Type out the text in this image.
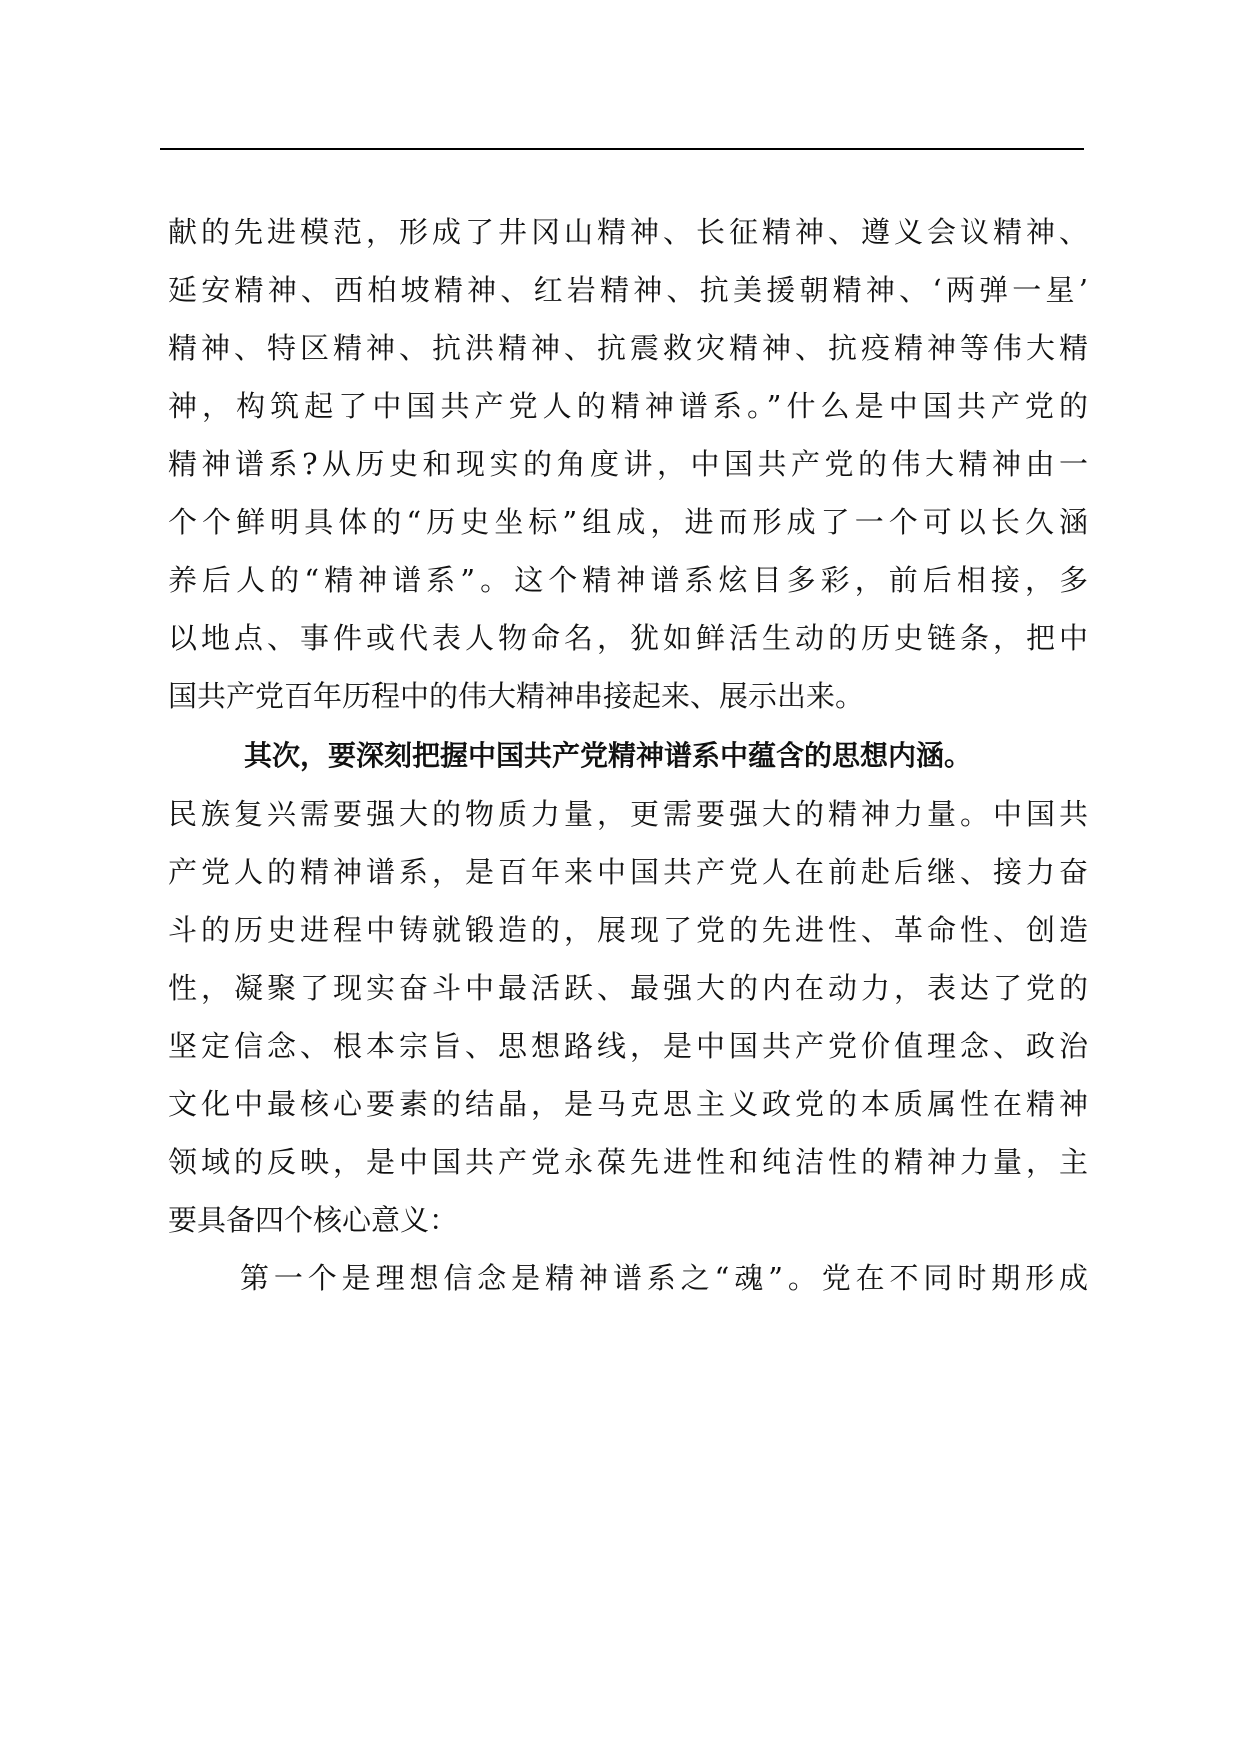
献的先进模范，形成了井冈山精神、长征精神、遵义会议精神、
延安精神、西柏坡精神、红岩精神、抗美援朝精神、‘两弹一星’
精神、特区精神、抗洪精神、抗震救灾精神、抗疫精神等伟大精
神，构筑起了中国共产党人的精神谱系。”什么是中国共产党的
精神谱系?从历史和现实的角度讲，中国共产党的伟大精神由一
个个鲜明具体的“历史坐标”组成，进而形成了一个可以长久涵
养后人的“精神谱系”。这个精神谱系炫目多彩，前后相接，多
以地点、事件或代表人物命名，犹如鲜活生动的历史链条，把中
国共产党百年历程中的伟大精神串接起来、展示出来。
其次，要深刻把握中国共产党精神谱系中蕴含的思想内涵。
民族复兴需要强大的物质力量，更需要强大的精神力量。中国共
产党人的精神谱系，是百年来中国共产党人在前赴后继、接力奋
斗的历史进程中铸就锻造的，展现了党的先进性、革命性、创造
性，凝聚了现实奋斗中最活跃、最强大的内在动力，表达了党的
坚定信念、根本宗旨、思想路线，是中国共产党价值理念、政治
文化中最核心要素的结晶，是马克思主义政党的本质属性在精神
领域的反映，是中国共产党永葆先进性和纯洁性的精神力量，主
要具备四个核心意义：
第一个是理想信念是精神谱系之“魂”。党在不同时期形成
